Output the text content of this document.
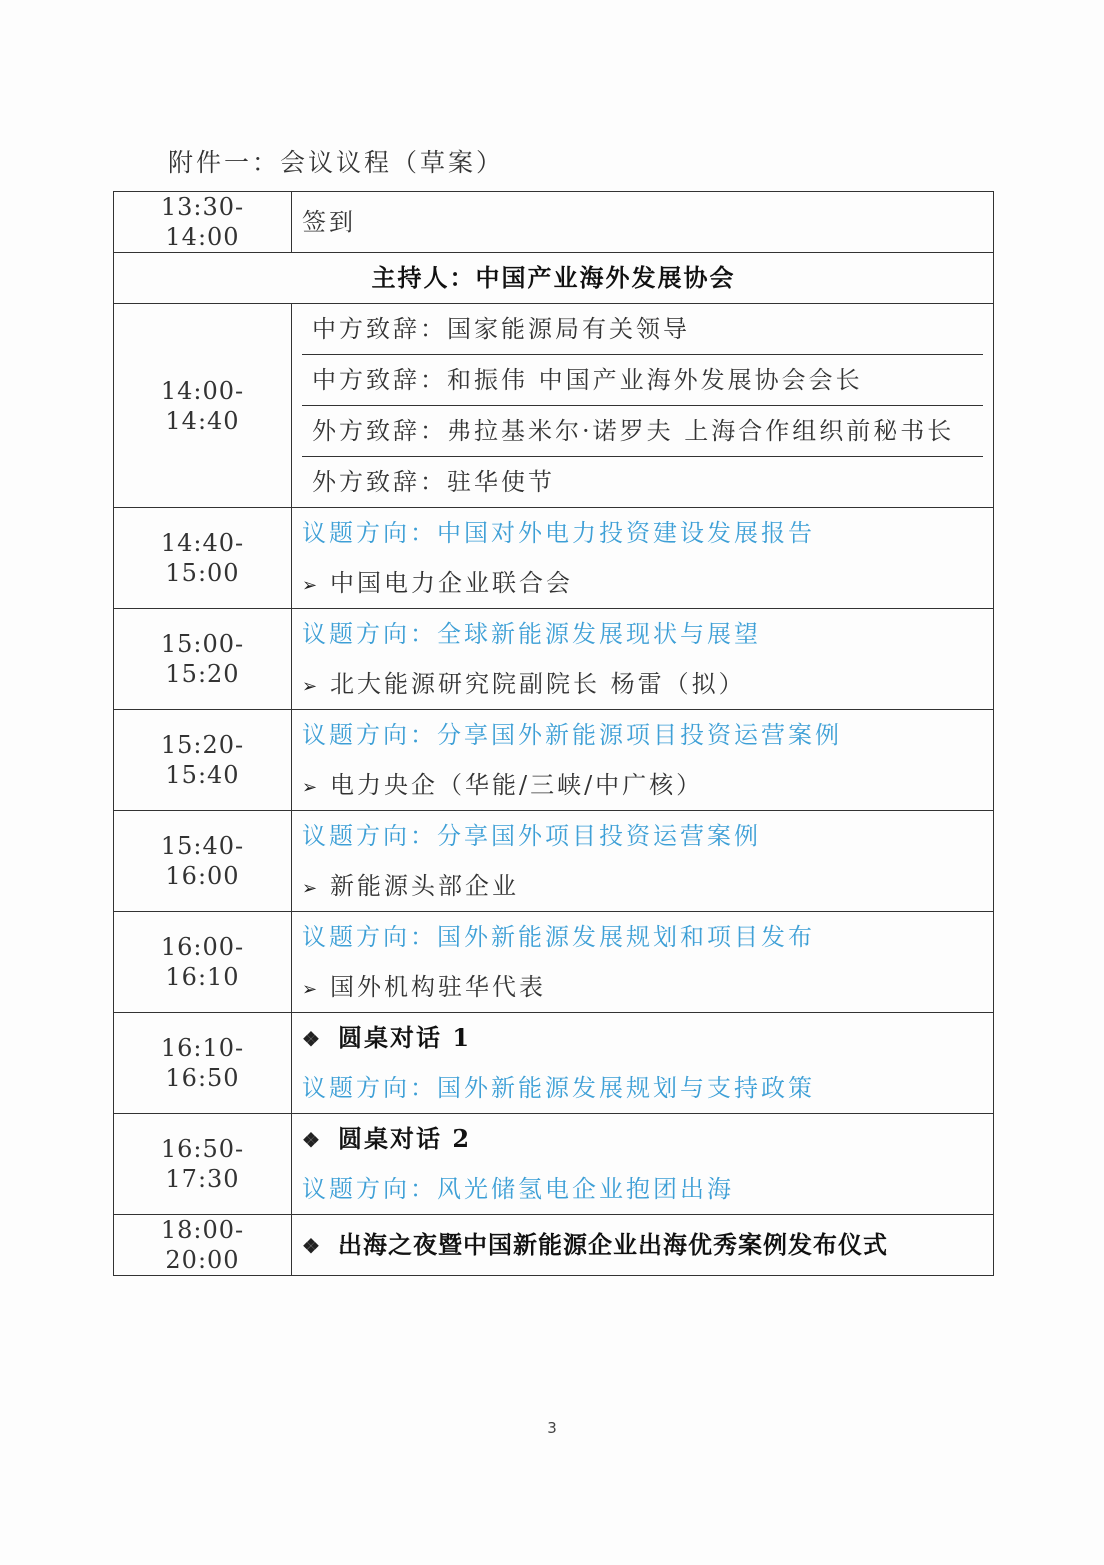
附件一：会议议程（草案）
13:30-14:00	签到
主持人：中国产业海外发展协会	
14:00-14:40	中方致辞：国家能源局有关领导
中方致辞：和振伟 中国产业海外发展协会会长
外方致辞：弗拉基米尔·诺罗夫 上海合作组织前秘书长
外方致辞：驻华使节

14:40-15:00	议题方向：中国对外电力投资建设发展报告
➢ 中国电力企业联合会

15:00-15:20	议题方向：全球新能源发展现状与展望
➢ 北大能源研究院副院长 杨雷（拟）

15:20-15:40	议题方向：分享国外新能源项目投资运营案例
➢ 电力央企（华能/三峡/中广核）

15:40-16:00	议题方向：分享国外项目投资运营案例
➢ 新能源头部企业

16:00-16:10	议题方向：国外新能源发展规划和项目发布
➢ 国外机构驻华代表

16:10-16:50	❖ 圆桌对话 1
议题方向：国外新能源发展规划与支持政策

16:50-17:30	❖ 圆桌对话 2
议题方向：风光储氢电企业抱团出海

18:00-20:00	❖ 出海之夜暨中国新能源企业出海优秀案例发布仪式
3
